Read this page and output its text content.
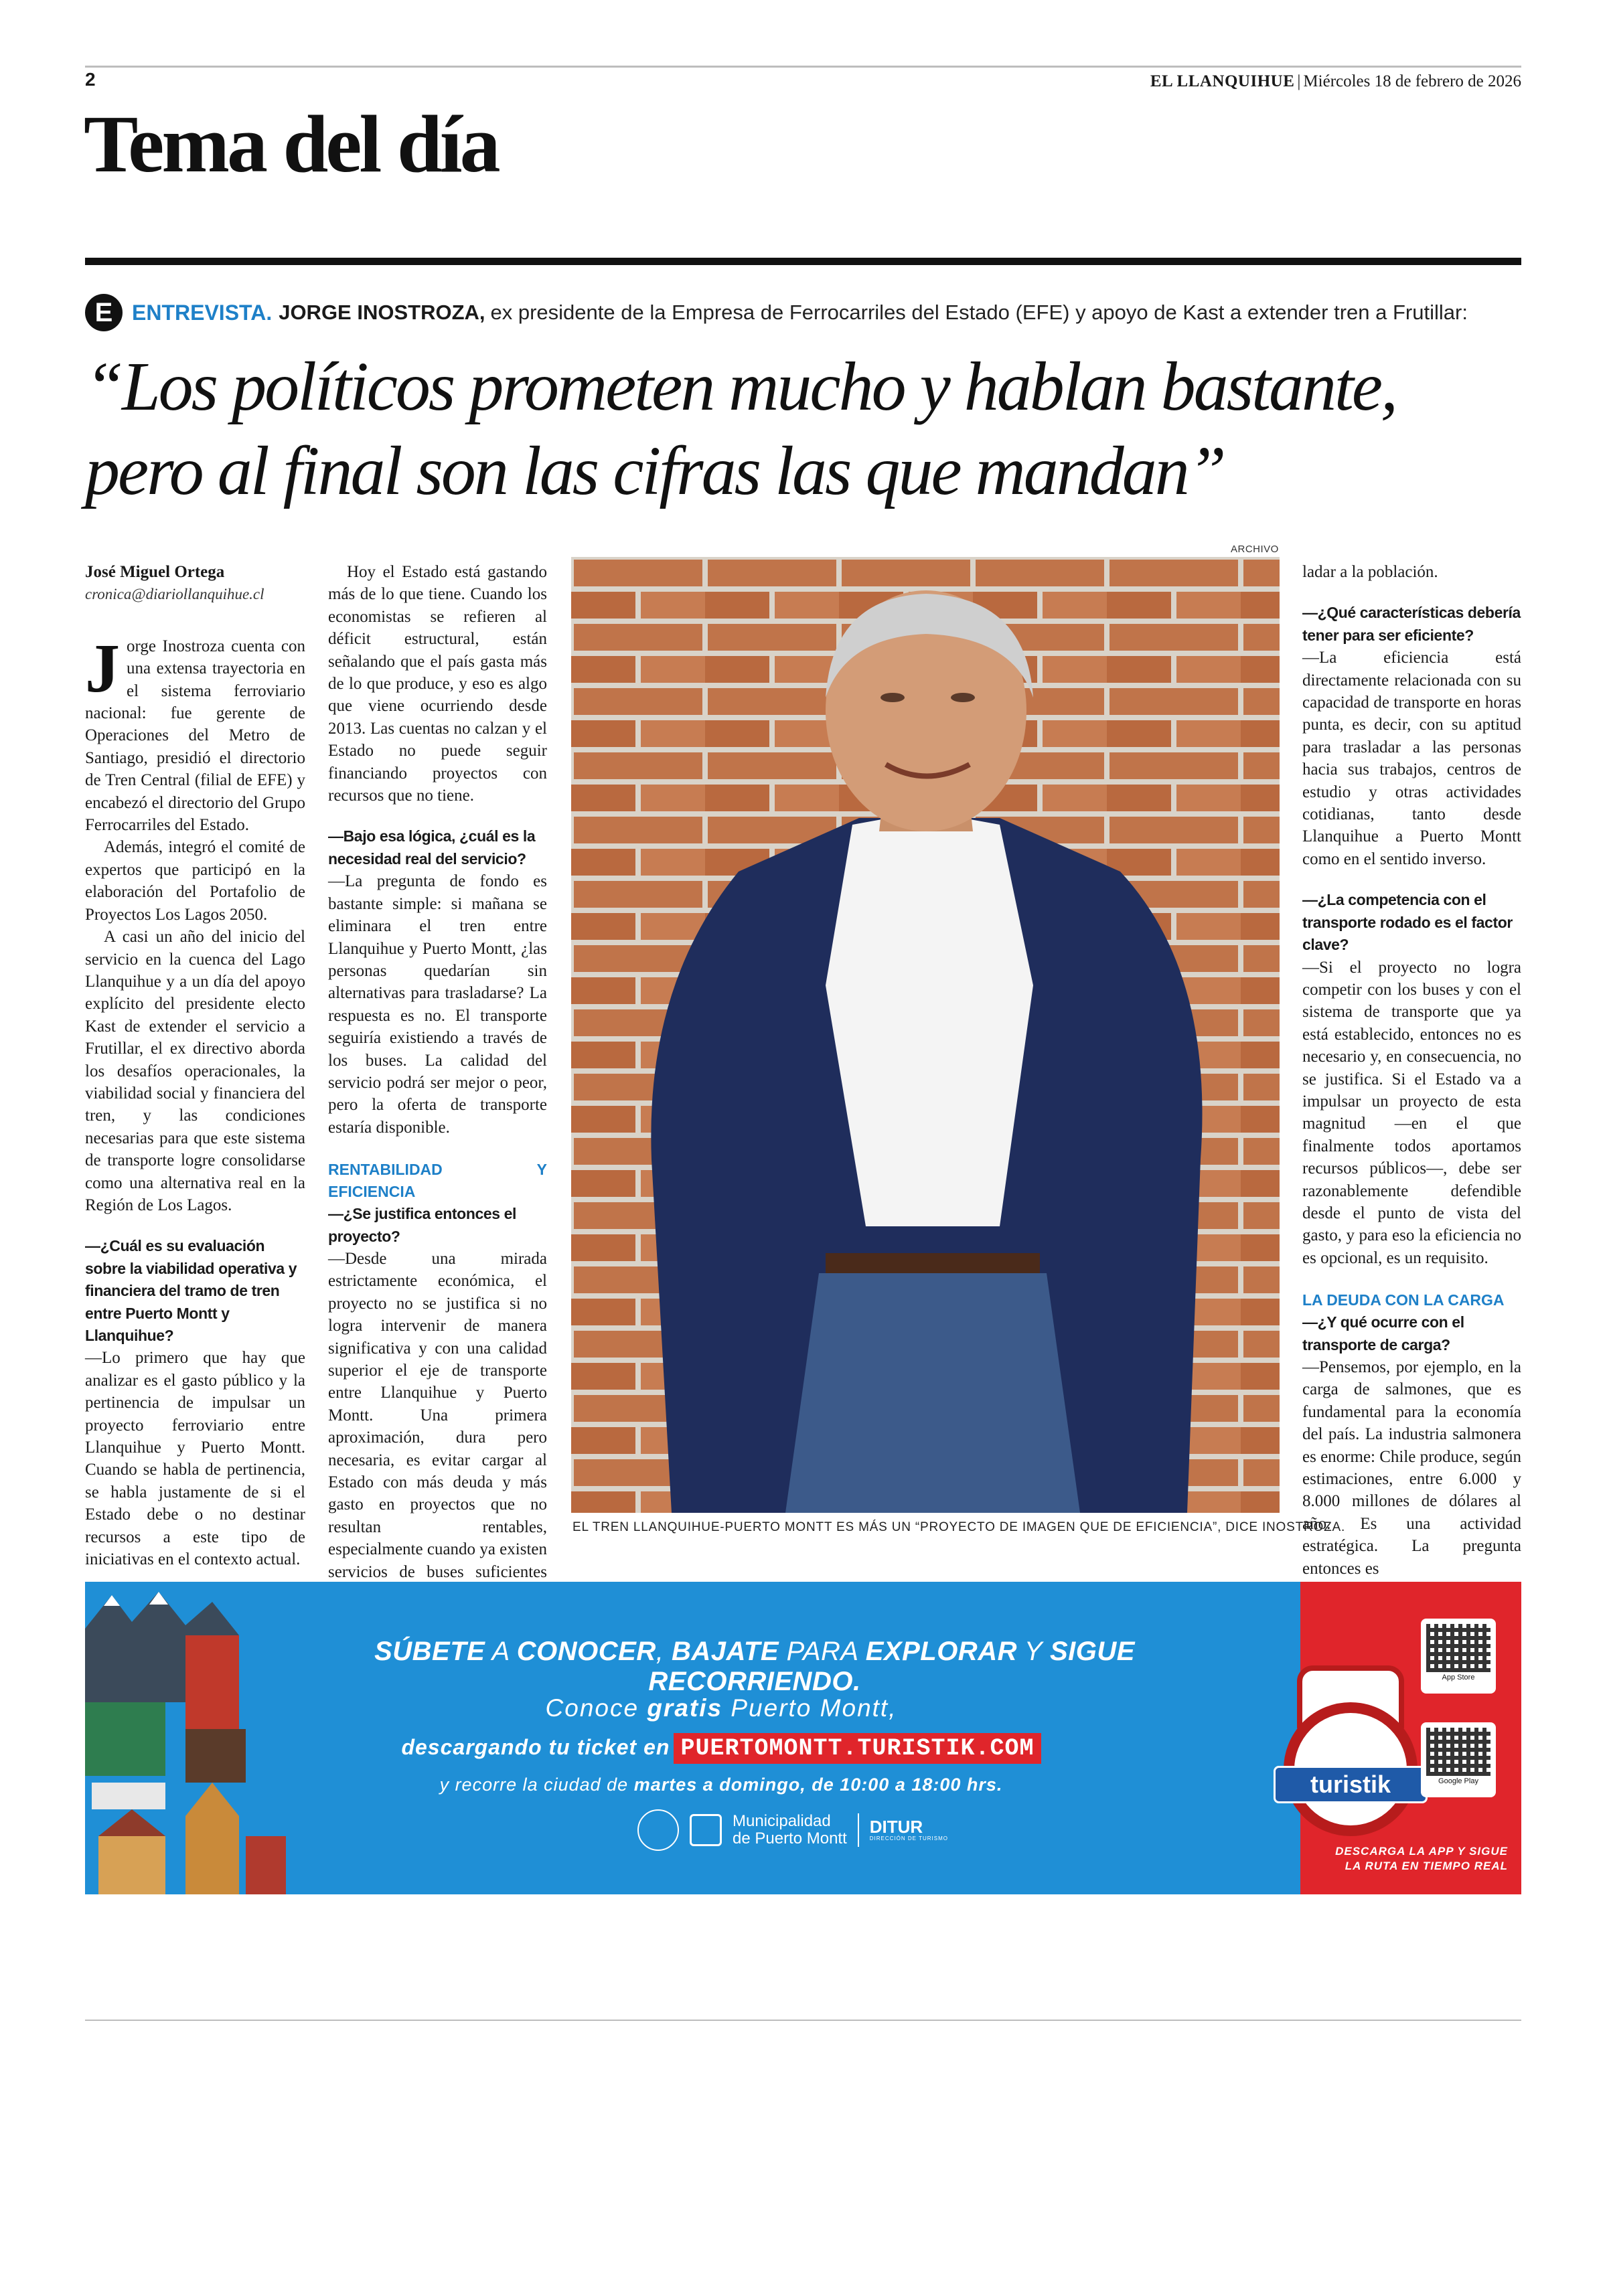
2	EL LLANQUIHUE | Miércoles 18 de febrero de 2026
Tema del día
E ENTREVISTA. JORGE INOSTROZA, ex presidente de la Empresa de Ferrocarriles del Estado (EFE) y apoyo de Kast a extender tren a Frutillar:
“Los políticos prometen mucho y hablan bastante,
pero al final son las cifras las que mandan”
José Miguel Ortega
cronica@diariollanquihue.cl

Jorge Inostroza cuenta con una extensa trayectoria en el sistema ferroviario nacional: fue gerente de Operaciones del Metro de Santiago, presidió el directorio de Tren Central (filial de EFE) y encabezó el directorio del Grupo Ferrocarriles del Estado.

Además, integró el comité de expertos que participó en la elaboración del Portafolio de Proyectos Los Lagos 2050.

A casi un año del inicio del servicio en la cuenca del Lago Llanquihue y a un día del apoyo explícito del presidente electo Kast de extender el servicio a Frutillar, el ex directivo aborda los desafíos operacionales, la viabilidad social y financiera del tren, y las condiciones necesarias para que este sistema de transporte logre consolidarse como una alternativa real en la Región de Los Lagos.

—¿Cuál es su evaluación sobre la viabilidad operativa y financiera del tramo de tren entre Puerto Montt y Llanquihue?

—Lo primero que hay que analizar es el gasto público y la pertinencia de impulsar un proyecto ferroviario entre Llanquihue y Puerto Montt. Cuando se habla de pertinencia, se habla justamente de si el Estado debe o no destinar recursos a este tipo de iniciativas en el contexto actual.

Hoy el Estado está gastando más de lo que tiene. Cuando los economistas se refieren al déficit estructural, están señalando que el país gasta más de lo que produce, y eso es algo que viene ocurriendo desde 2013. Las cuentas no calzan y el Estado no puede seguir financiando proyectos con recursos que no tiene.

—Bajo esa lógica, ¿cuál es la necesidad real del servicio?

—La pregunta de fondo es bastante simple: si mañana se eliminara el tren entre Llanquihue y Puerto Montt, ¿las personas quedarían sin alternativas para trasladarse? La respuesta es no. El transporte seguiría existiendo a través de los buses. La calidad del servicio podrá ser mejor o peor, pero la oferta de transporte estaría disponible.

RENTABILIDAD Y EFICIENCIA

—¿Se justifica entonces el proyecto?

—Desde una mirada estrictamente económica, el proyecto no se justifica si no logra intervenir de manera significativa y con una calidad superior el eje de transporte entre Llanquihue y Puerto Montt. Una primera aproximación, dura pero necesaria, es evitar cargar al Estado con más deuda y más gasto en proyectos que no resultan rentables, especialmente cuando ya existen servicios de buses suficientes

ARCHIVO
EL TREN LLANQUIHUE-PUERTO MONTT ES MÁS UN “PROYECTO DE IMAGEN QUE DE EFICIENCIA”, DICE INOSTROZA.

ladar a la población.

—¿Qué características debería tener para ser eficiente?

—La eficiencia está directamente relacionada con su capacidad de transporte en horas punta, es decir, con su aptitud para trasladar a las personas hacia sus trabajos, centros de estudio y otras actividades cotidianas, tanto desde Llanquihue a Puerto Montt como en el sentido inverso.

—¿La competencia con el transporte rodado es el factor clave?

—Si el proyecto no logra competir con los buses y con el sistema de transporte que ya está establecido, entonces no es necesario y, en consecuencia, no se justifica. Si el Estado va a impulsar un proyecto de esta magnitud —en el que finalmente todos aportamos recursos públicos—, debe ser razonablemente defendible desde el punto de vista del gasto, y para eso la eficiencia no es opcional, es un requisito.

LA DEUDA CON LA CARGA

—¿Y qué ocurre con el transporte de carga?

—Pensemos, por ejemplo, en la carga de salmones, que es fundamental para la economía del país. La industria salmonera es enorme: Chile produce, según estimaciones, entre 6.000 y 8.000 millones de dólares al año. Es una actividad estratégica. La pregunta entonces es

SÚBETE A CONOCER, BAJATE PARA EXPLORAR Y SIGUE RECORRIENDO.
Conoce gratis Puerto Montt,
descargando tu ticket en PUERTOMONTT.TURISTIK.COM
y recorre la ciudad de martes a domingo, de 10:00 a 18:00 hrs.
Municipalidad
de Puerto Montt
DITUR
DIRECCIÓN DE TURISMO
turistik
App Store
Google Play
DESCARGA LA APP Y SIGUE
LA RUTA EN TIEMPO REAL
